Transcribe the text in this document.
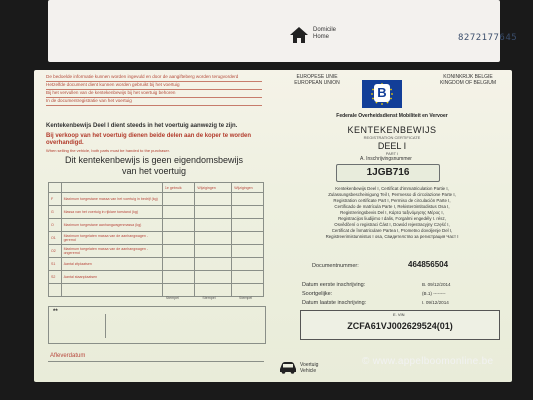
Domicile
Home	8272177645
De bedoelde informatie kunnen worden ingevuld en door de aangifteberg worden terugvorderd
Hetzelfde document dient kunnen worden gebruikt bij het voertuig
Bij het vervullen van de kentekenbewijs bij het voertuig behoren
In de documentregistratie van het voertuig
Kentekenbewijs Deel I dient steeds in het voertuig aanwezig te zijn.
Bij verkoop van het voertuig dienen beide delen aan de koper te worden overhandigd.
When selling the vehicle, both parts must be handed to the purchaser.
Dit kentekenbewijs is geen eigendomsbewijs
van het voertuig
		1e gebruik	Wijzigingen	Wijzigingen
F	Maximum toegestane massa van het voertuig in bedrijf (kg)			
G	Massa van het voertuig in rijklare toestand (kg)			
O	Maximum toegestane aanhangwagenmassa (kg)			
O1	Maximum toegelaten massa van de aanhangwagen - geremd			
O2	Maximum toegelaten massa van de aanhangwagen - ongeremd			
S1	Aantal zitplaatsen			
S2	Aantal staanplaatsen			

Stempel	Stempel	Stempel
**
Afleverdatum
EUROPESE UNIE
EUROPEAN UNION
B
KONINKRIJK BELGIE
KINGDOM OF BELGIUM
Federale Overheidsdienst Mobiliteit en Vervoer
KENTEKENBEWIJS
REGISTRATION CERTIFICATE
DEEL I
PART I
A. Inschrijvingsnummer
1JGB716
Kentekenbewijs Deel I, Certificat d'immatriculation Partie I,
Zulassungsbescheinigung Teil I, Permesso di circolazione Parte I,
Registration certificate Part I, Permiso de circulación Parte I,
Certificado de matrícula Parte I, Rekisteröintitodistus Osa I,
Registreringsbevis Del I, Κάρτα ταξινόμησης Μέρος I,
Registracijos liudijimo I dalis, Forgalmi engedély I. rész,
Osvědčení o registraci Část I, Dowód rejestracyjny Część I,
Certificat de înmatriculare Partea I, Prometno dovoljenje Del I,
Registreerimistunnistus I osa, Свидетелство за регистрация Част I
Documentnummer:	464856504
Datum eerste inschrijving:	B. 09/12/2014
Soortgelijke:	(B.1) --------
Datum laatste inschrijving:	I. 09/12/2014
E. VIN
ZCFA61VJ002629524(01)
Voertuig
Vehicle
© www.appelboomonline.be
